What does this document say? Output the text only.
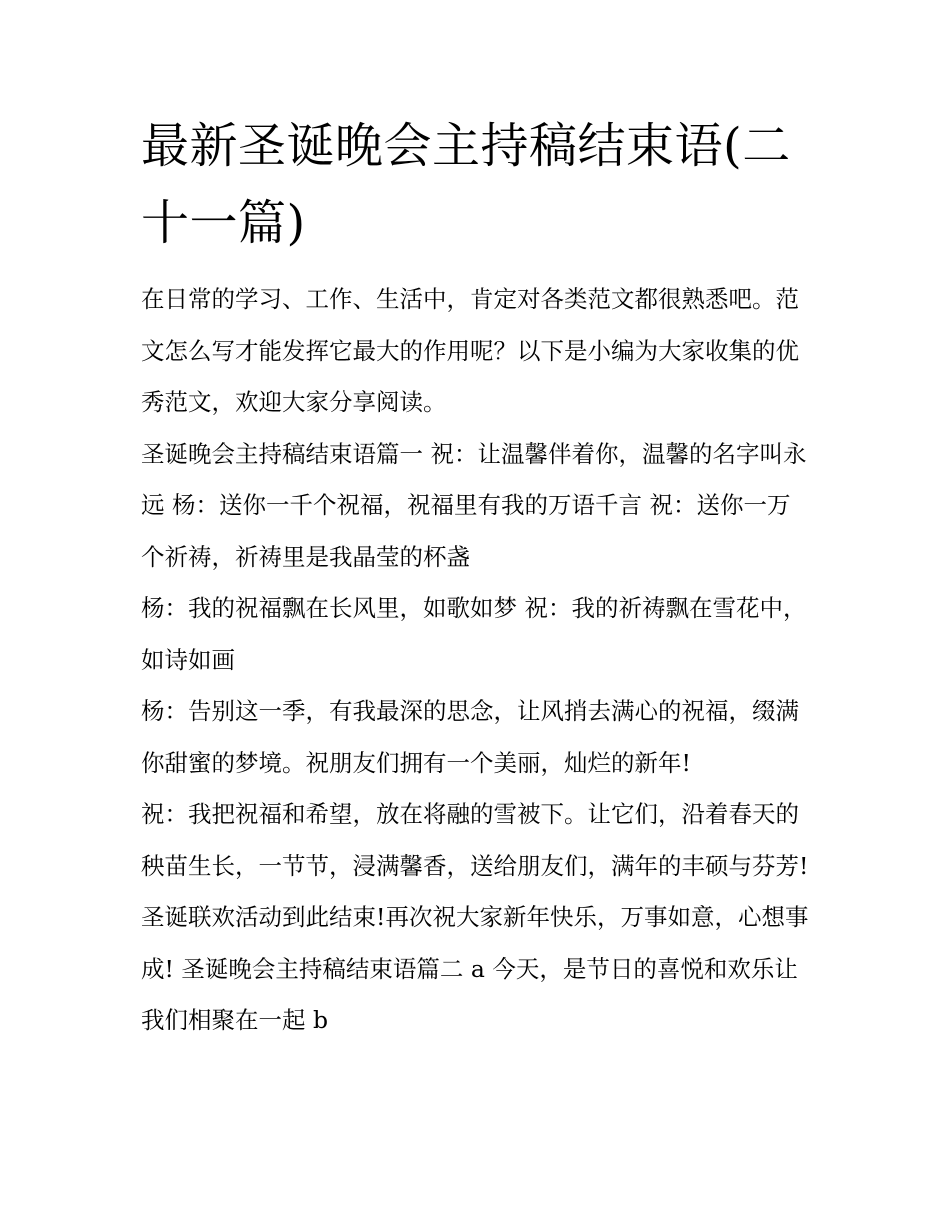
最新圣诞晚会主持稿结束语(二十一篇)

在日常的学习、工作、生活中，肯定对各类范文都很熟悉吧。范文怎么写才能发挥它最大的作用呢？以下是小编为大家收集的优秀范文，欢迎大家分享阅读。

圣诞晚会主持稿结束语篇一 祝：让温馨伴着你，温馨的名字叫永远 杨：送你一千个祝福，祝福里有我的万语千言 祝：送你一万个祈祷，祈祷里是我晶莹的杯盏

杨：我的祝福飘在长风里，如歌如梦 祝：我的祈祷飘在雪花中，如诗如画

杨：告别这一季，有我最深的思念，让风捎去满心的祝福，缀满你甜蜜的梦境。祝朋友们拥有一个美丽，灿烂的新年!

祝：我把祝福和希望，放在将融的雪被下。让它们，沿着春天的秧苗生长，一节节，浸满馨香，送给朋友们，满年的丰硕与芬芳!

圣诞联欢活动到此结束!再次祝大家新年快乐，万事如意，心想事成! 圣诞晚会主持稿结束语篇二 a 今天，是节日的喜悦和欢乐让我们相聚在一起 b
